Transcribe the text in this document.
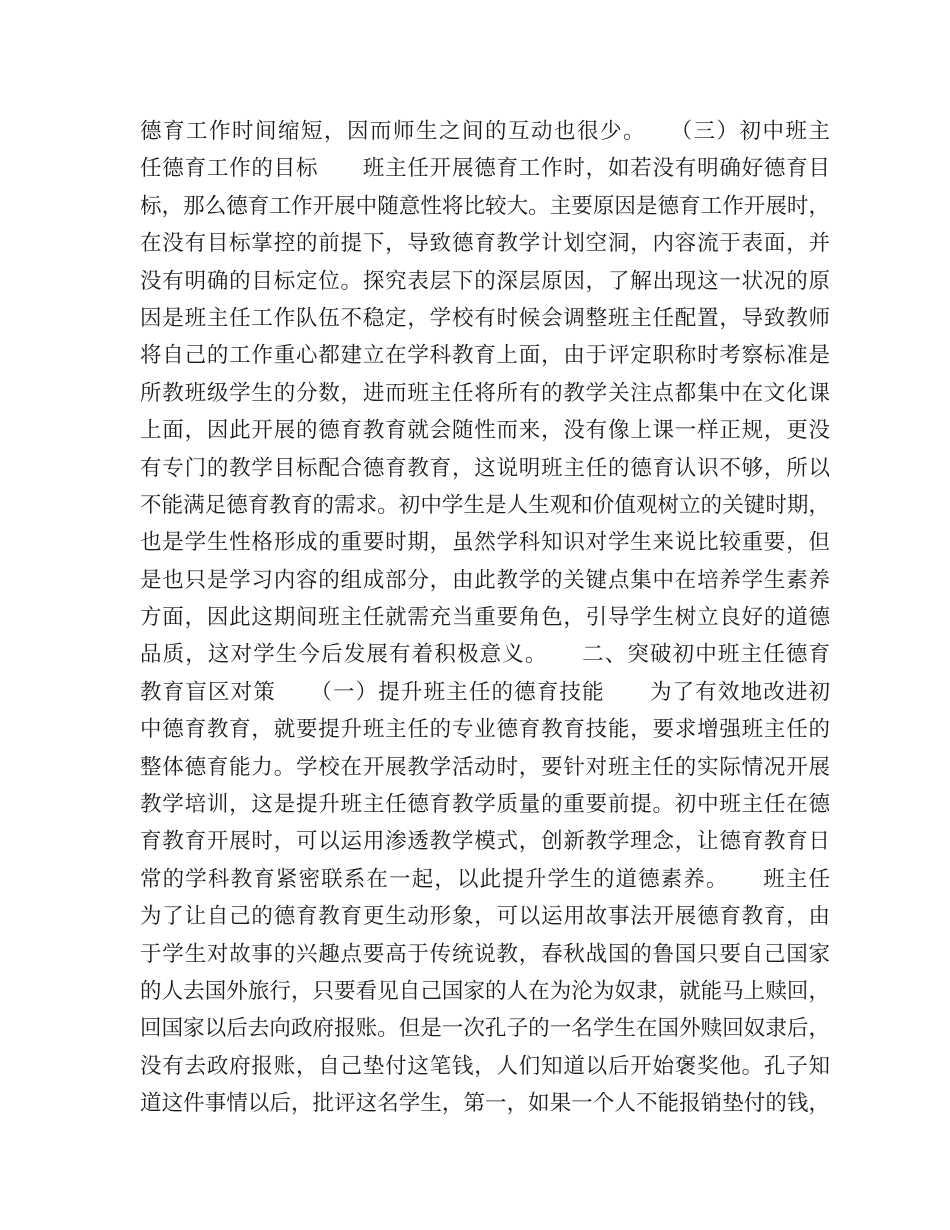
德育工作时间缩短，因而师生之间的互动也很少。　　（三）初中班主
任德育工作的目标　　班主任开展德育工作时，如若没有明确好德育目
标，那么德育工作开展中随意性将比较大。主要原因是德育工作开展时，
在没有目标掌控的前提下，导致德育教学计划空洞，内容流于表面，并
没有明确的目标定位。探究表层下的深层原因，了解出现这一状况的原
因是班主任工作队伍不稳定，学校有时候会调整班主任配置，导致教师
将自己的工作重心都建立在学科教育上面，由于评定职称时考察标准是
所教班级学生的分数，进而班主任将所有的教学关注点都集中在文化课
上面，因此开展的德育教育就会随性而来，没有像上课一样正规，更没
有专门的教学目标配合德育教育，这说明班主任的德育认识不够，所以
不能满足德育教育的需求。初中学生是人生观和价值观树立的关键时期，
也是学生性格形成的重要时期，虽然学科知识对学生来说比较重要，但
是也只是学习内容的组成部分，由此教学的关键点集中在培养学生素养
方面，因此这期间班主任就需充当重要角色，引导学生树立良好的道德
品质，这对学生今后发展有着积极意义。　　二、突破初中班主任德育
教育盲区对策　　（一）提升班主任的德育技能　　为了有效地改进初
中德育教育，就要提升班主任的专业德育教育技能，要求增强班主任的
整体德育能力。学校在开展教学活动时，要针对班主任的实际情况开展
教学培训，这是提升班主任德育教学质量的重要前提。初中班主任在德
育教育开展时，可以运用渗透教学模式，创新教学理念，让德育教育日
常的学科教育紧密联系在一起，以此提升学生的道德素养。　　班主任
为了让自己的德育教育更生动形象，可以运用故事法开展德育教育，由
于学生对故事的兴趣点要高于传统说教，春秋战国的鲁国只要自己国家
的人去国外旅行，只要看见自己国家的人在为沦为奴隶，就能马上赎回，
回国家以后去向政府报账。但是一次孔子的一名学生在国外赎回奴隶后，
没有去政府报账，自己垫付这笔钱，人们知道以后开始褒奖他。孔子知
道这件事情以后，批评这名学生，第一，如果一个人不能报销垫付的钱，
